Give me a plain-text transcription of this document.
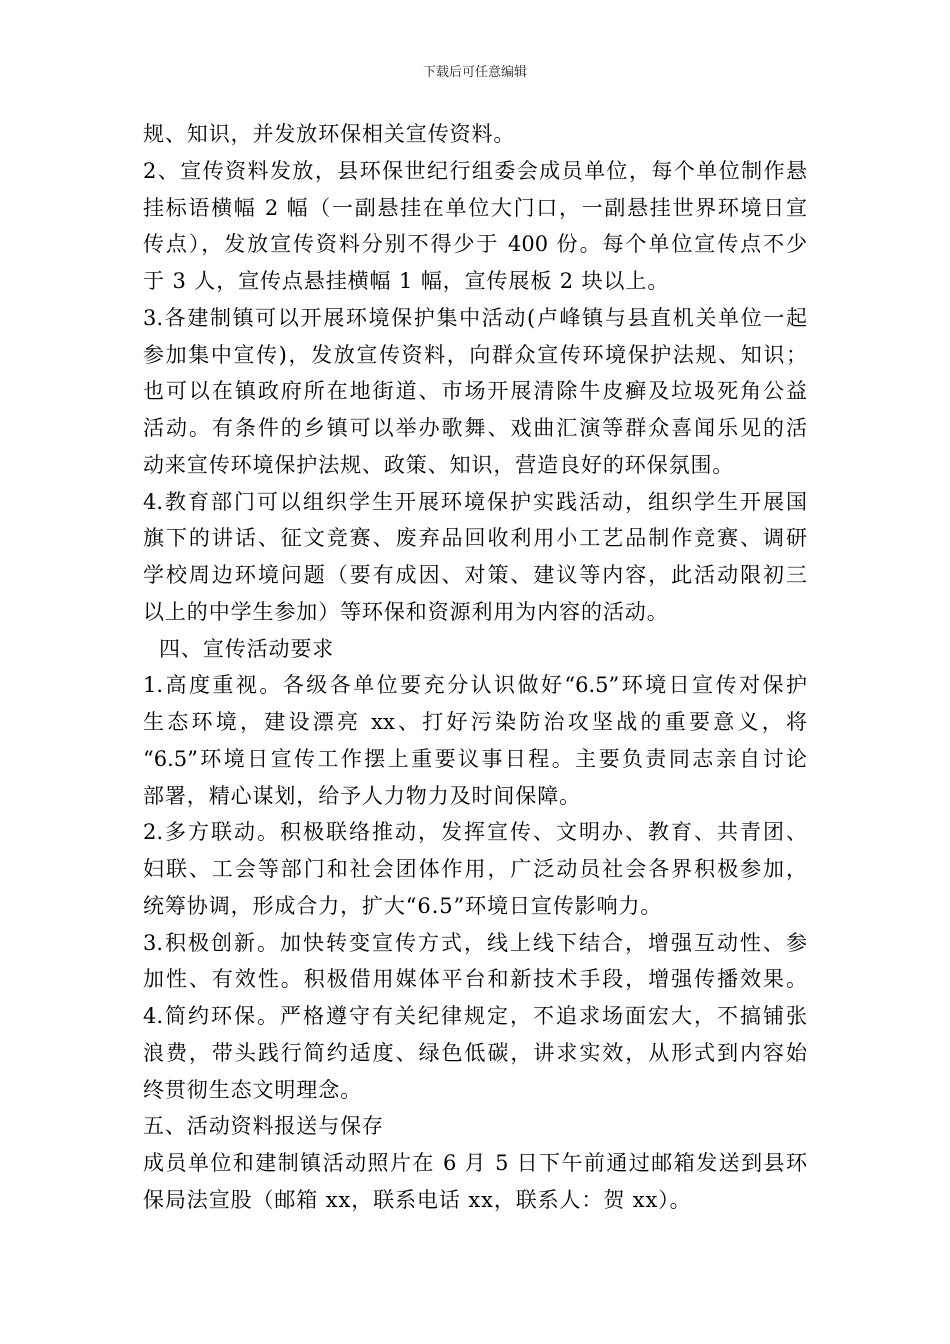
下载后可任意编辑
规、知识，并发放环保相关宣传资料。
2、宣传资料发放，县环保世纪行组委会成员单位，每个单位制作悬
挂标语横幅 2 幅（一副悬挂在单位大门口，一副悬挂世界环境日宣
传点），发放宣传资料分别不得少于 400 份。每个单位宣传点不少
于 3 人，宣传点悬挂横幅 1 幅，宣传展板 2 块以上。
3.各建制镇可以开展环境保护集中活动(卢峰镇与县直机关单位一起
参加集中宣传)，发放宣传资料，向群众宣传环境保护法规、知识；
也可以在镇政府所在地街道、市场开展清除牛皮癣及垃圾死角公益
活动。有条件的乡镇可以举办歌舞、戏曲汇演等群众喜闻乐见的活
动来宣传环境保护法规、政策、知识，营造良好的环保氛围。
4.教育部门可以组织学生开展环境保护实践活动，组织学生开展国
旗下的讲话、征文竞赛、废弃品回收利用小工艺品制作竞赛、调研
学校周边环境问题（要有成因、对策、建议等内容，此活动限初三
以上的中学生参加）等环保和资源利用为内容的活动。
四、宣传活动要求
1.高度重视。各级各单位要充分认识做好“6.5”环境日宣传对保护
生态环境，建设漂亮 xx、打好污染防治攻坚战的重要意义，将
“6.5”环境日宣传工作摆上重要议事日程。主要负责同志亲自讨论
部署，精心谋划，给予人力物力及时间保障。
2.多方联动。积极联络推动，发挥宣传、文明办、教育、共青团、
妇联、工会等部门和社会团体作用，广泛动员社会各界积极参加，
统筹协调，形成合力，扩大“6.5”环境日宣传影响力。
3.积极创新。加快转变宣传方式，线上线下结合，增强互动性、参
加性、有效性。积极借用媒体平台和新技术手段，增强传播效果。
4.简约环保。严格遵守有关纪律规定，不追求场面宏大，不搞铺张
浪费，带头践行简约适度、绿色低碳，讲求实效，从形式到内容始
终贯彻生态文明理念。
五、活动资料报送与保存
成员单位和建制镇活动照片在 6 月 5 日下午前通过邮箱发送到县环
保局法宣股（邮箱 xx，联系电话 xx，联系人：贺 xx）。
